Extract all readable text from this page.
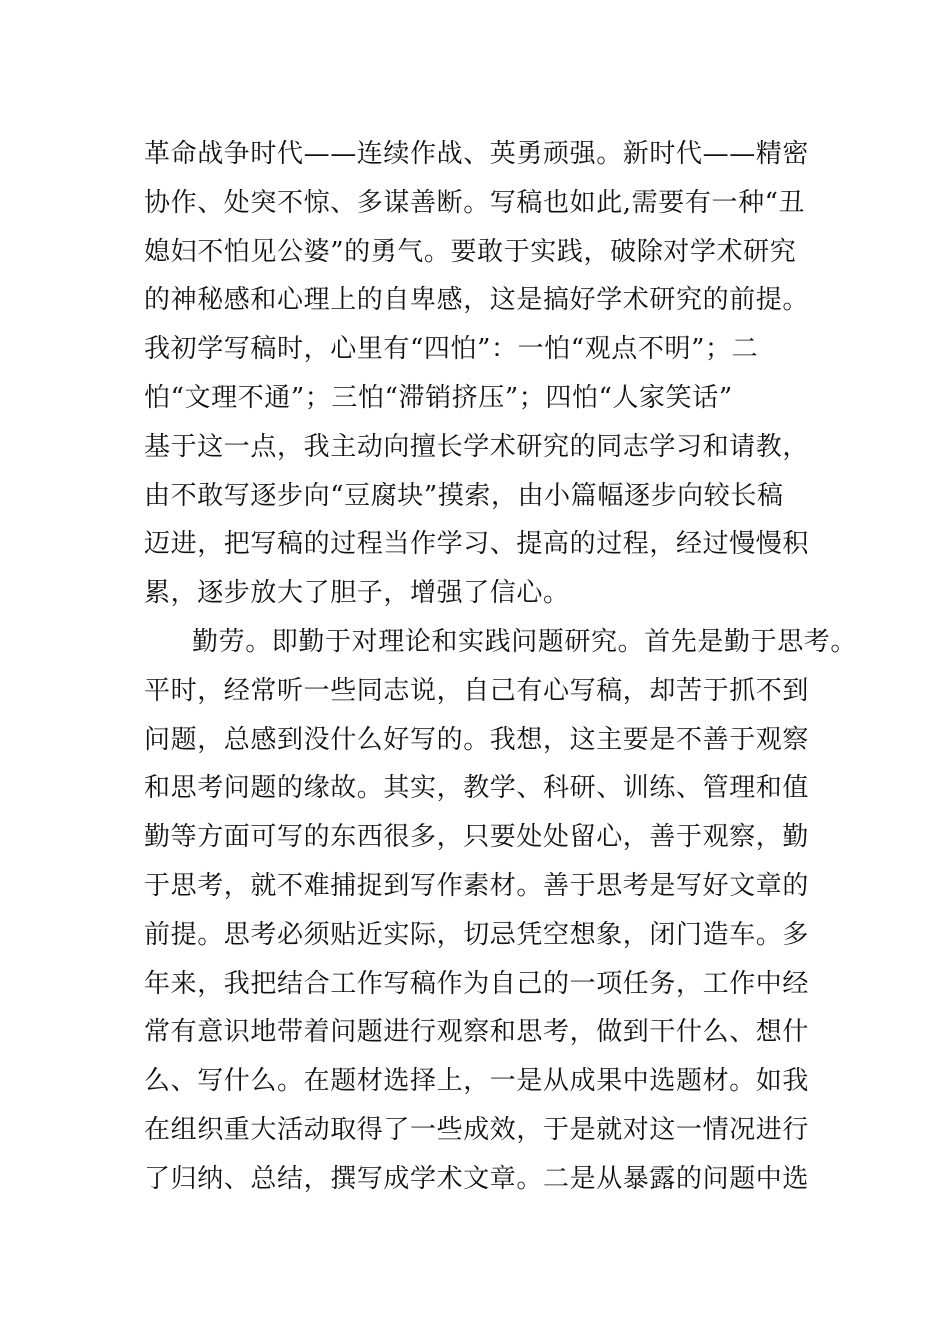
革命战争时代——连续作战、英勇顽强。新时代——精密
协作、处突不惊、多谋善断。写稿也如此,需要有一种“丑
媳妇不怕见公婆”的勇气。要敢于实践，破除对学术研究
的神秘感和心理上的自卑感，这是搞好学术研究的前提。
我初学写稿时，心里有“四怕”：一怕“观点不明”；二
怕“文理不通”；三怕“滞销挤压”；四怕“人家笑话”
基于这一点，我主动向擅长学术研究的同志学习和请教，
由不敢写逐步向“豆腐块”摸索，由小篇幅逐步向较长稿
迈进，把写稿的过程当作学习、提高的过程，经过慢慢积
累，逐步放大了胆子，增强了信心。
勤劳。即勤于对理论和实践问题研究。首先是勤于思考。
平时，经常听一些同志说，自己有心写稿，却苦于抓不到
问题，总感到没什么好写的。我想，这主要是不善于观察
和思考问题的缘故。其实，教学、科研、训练、管理和值
勤等方面可写的东西很多，只要处处留心，善于观察，勤
于思考，就不难捕捉到写作素材。善于思考是写好文章的
前提。思考必须贴近实际，切忌凭空想象，闭门造车。多
年来，我把结合工作写稿作为自己的一项任务，工作中经
常有意识地带着问题进行观察和思考，做到干什么、想什
么、写什么。在题材选择上，一是从成果中选题材。如我
在组织重大活动取得了一些成效，于是就对这一情况进行
了归纳、总结，撰写成学术文章。二是从暴露的问题中选
